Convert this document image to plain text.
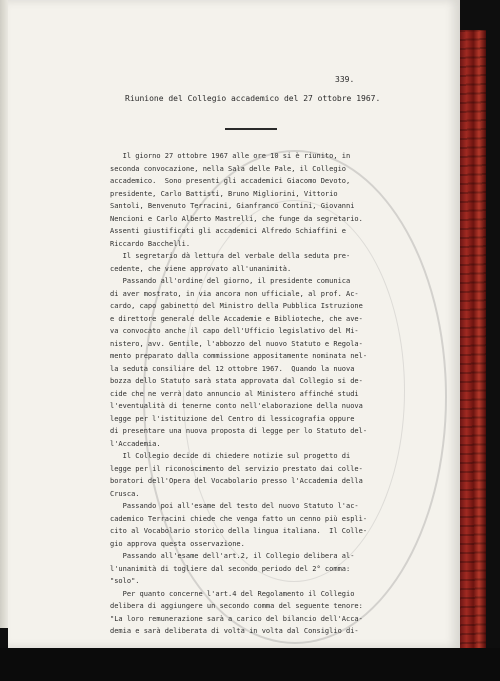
339.
Riunione del Collegio accademico del 27 ottobre 1967.
Il giorno 27 ottobre 1967 alle ore 10 si è riunito, in
seconda convocazione, nella Sala delle Pale, il Collegio
accademico.  Sono presenti gli accademici Giacomo Devoto,
presidente, Carlo Battisti, Bruno Migliorini, Vittorio
Santoli, Benvenuto Terracini, Gianfranco Contini, Giovanni
Nencioni e Carlo Alberto Mastrelli, che funge da segretario.
Assenti giustificati gli accademici Alfredo Schiaffini e
Riccardo Bacchelli.
Il segretario dà lettura del verbale della seduta pre-
cedente, che viene approvato all'unanimità.
Passando all'ordine del giorno, il presidente comunica
di aver mostrato, in via ancora non ufficiale, al prof. Ac-
cardo, capo gabinetto del Ministro della Pubblica Istruzione
e direttore generale delle Accademie e Biblioteche, che ave-
va convocato anche il capo dell'Ufficio legislativo del Mi-
nistero, avv. Gentile, l'abbozzo del nuovo Statuto e Regola-
mento preparato dalla commissione appositamente nominata nel-
la seduta consiliare del 12 ottobre 1967.  Quando la nuova
bozza dello Statuto sarà stata approvata dal Collegio si de-
cide che ne verrà dato annuncio al Ministero affinché studi
l'eventualità di tenerne conto nell'elaborazione della nuova
legge per l'istituzione del Centro di lessicografia oppure
di presentare una nuova proposta di legge per lo Statuto del-
l'Accademia.
Il Collegio decide di chiedere notizie sul progetto di
legge per il riconoscimento del servizio prestato dai colle-
boratori dell'Opera del Vocabolario presso l'Accademia della
Crusca.
Passando poi all'esame del testo del nuovo Statuto l'ac-
cademico Terracini chiede che venga fatto un cenno più esplì-
cito al Vocabolario storico della lingua italiana.  Il Colle-
gio approva questa osservazione.
Passando all'esame dell'art.2, il Collegio delibera al-
l'unanimità di togliere dal secondo periodo del 2° comma:
"solo".
Per quanto concerne l'art.4 del Regolamento il Collegio
delibera di aggiungere un secondo comma del seguente tenore:
"La loro remunerazione sarà a carico del bilancio dell'Acca-
demia e sarà deliberata di volta in volta dal Consiglio di-
